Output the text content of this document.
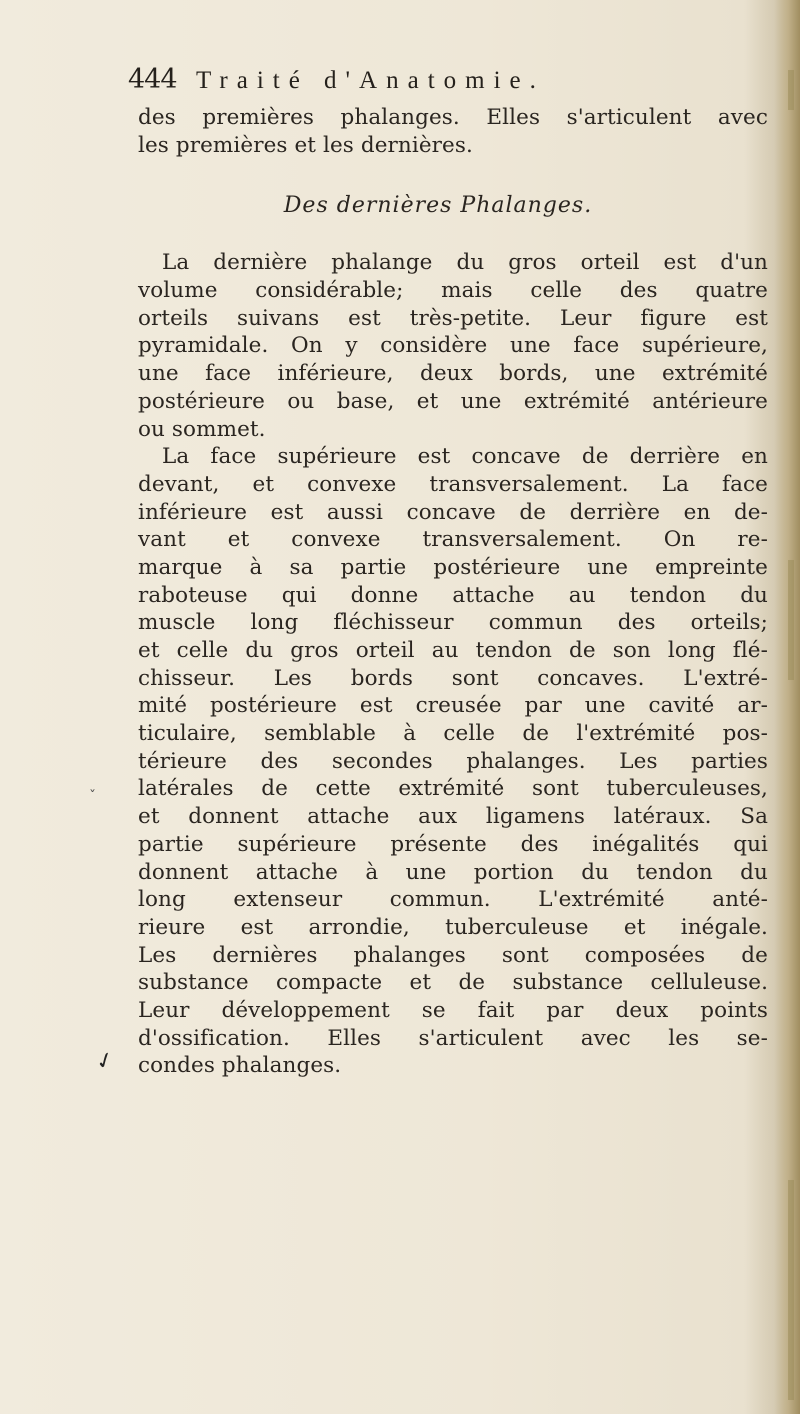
ˇ
✓
444 Traité d'Anatomie.
des premières phalanges. Elles s'articulent avec
les premières et les dernières.
Des dernières Phalanges.
La dernière phalange du gros orteil est d'un
volume considérable; mais celle des quatre
orteils suivans est très-petite. Leur figure est
pyramidale. On y considère une face supérieure,
une face inférieure, deux bords, une extrémité
postérieure ou base, et une extrémité antérieure
ou sommet.
La face supérieure est concave de derrière en
devant, et convexe transversalement. La face
inférieure est aussi concave de derrière en de-
vant et convexe transversalement. On re-
marque à sa partie postérieure une empreinte
raboteuse qui donne attache au tendon du
muscle long fléchisseur commun des orteils;
et celle du gros orteil au tendon de son long flé-
chisseur. Les bords sont concaves. L'extré-
mité postérieure est creusée par une cavité ar-
ticulaire, semblable à celle de l'extrémité pos-
térieure des secondes phalanges. Les parties
latérales de cette extrémité sont tuberculeuses,
et donnent attache aux ligamens latéraux. Sa
partie supérieure présente des inégalités qui
donnent attache à une portion du tendon du
long extenseur commun. L'extrémité anté-
rieure est arrondie, tuberculeuse et inégale.
Les dernières phalanges sont composées de
substance compacte et de substance celluleuse.
Leur développement se fait par deux points
d'ossification. Elles s'articulent avec les se-
condes phalanges.
